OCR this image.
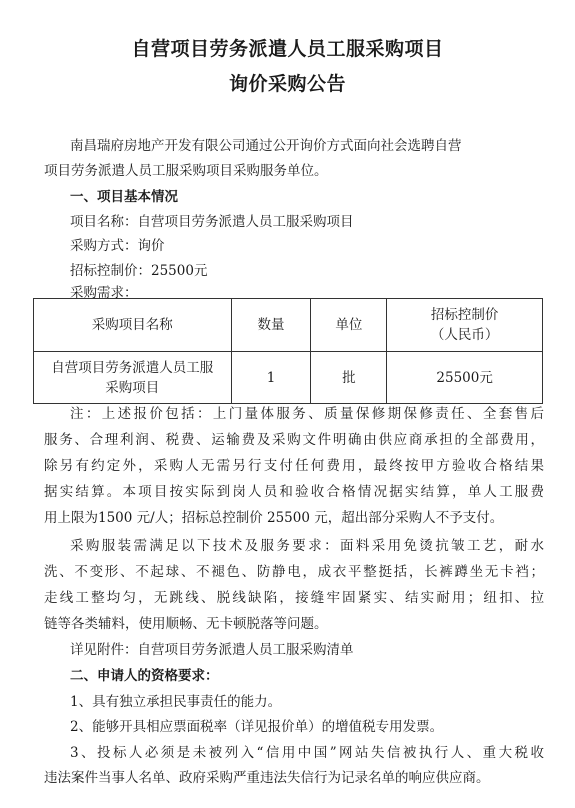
自营项目劳务派遣人员工服采购项目
询价采购公告
南昌瑞府房地产开发有限公司通过公开询价方式面向社会选聘自营
项目劳务派遣人员工服采购项目采购服务单位。
一、项目基本情况
项目名称：自营项目劳务派遣人员工服采购项目
采购方式：询价
招标控制价：25500元
采购需求：
采购项目名称	数量	单位	招标控制价
（人民币）

自营项目劳务派遣人员工服
采购项目	1	批	25500元
注：上述报价包括：上门量体服务、质量保修期保修责任、全套售后
服务、合理利润、税费、运输费及采购文件明确由供应商承担的全部费用，
除另有约定外，采购人无需另行支付任何费用，最终按甲方验收合格结果
据实结算。本项目按实际到岗人员和验收合格情况据实结算，单人工服费
用上限为1500 元/人；招标总控制价 25500 元，超出部分采购人不予支付。
采购服装需满足以下技术及服务要求：面料采用免烫抗皱工艺，耐水
洗、不变形、不起球、不褪色、防静电，成衣平整挺括，长裤蹲坐无卡裆；
走线工整均匀，无跳线、脱线缺陷，接缝牢固紧实、结实耐用；纽扣、拉
链等各类辅料，使用顺畅、无卡顿脱落等问题。
详见附件：自营项目劳务派遣人员工服采购清单
二、申请人的资格要求：
1、具有独立承担民事责任的能力。
2、能够开具相应票面税率（详见报价单）的增值税专用发票。
3、投标人必须是未被列入“信用中国”网站失信被执行人、重大税收
违法案件当事人名单、政府采购严重违法失信行为记录名单的响应供应商。
